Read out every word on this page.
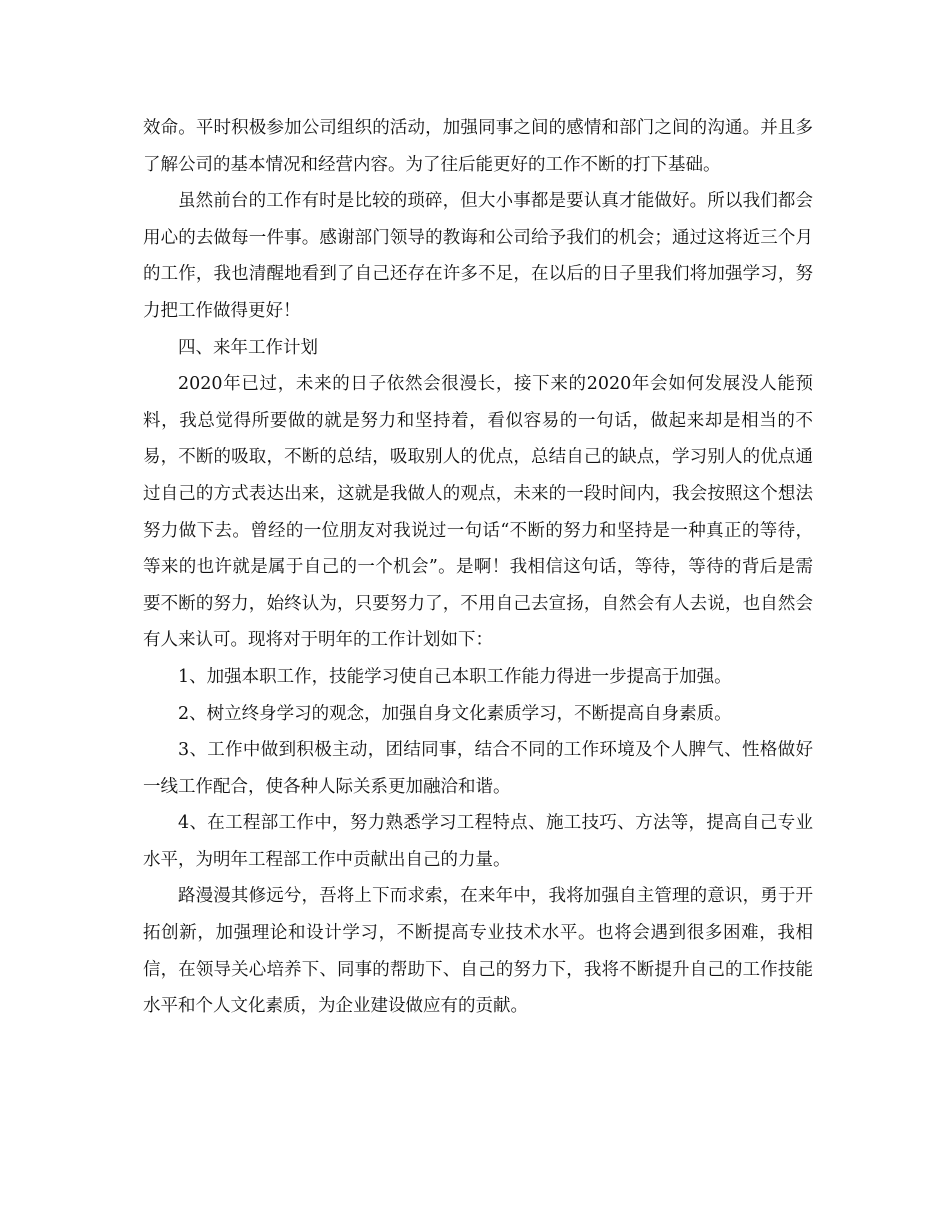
效命。平时积极参加公司组织的活动，加强同事之间的感情和部门之间的沟通。并且多了解公司的基本情况和经营内容。为了往后能更好的工作不断的打下基础。

虽然前台的工作有时是比较的琐碎，但大小事都是要认真才能做好。所以我们都会用心的去做每一件事。感谢部门领导的教诲和公司给予我们的机会；通过这将近三个月的工作，我也清醒地看到了自己还存在许多不足，在以后的日子里我们将加强学习，努力把工作做得更好！

四、来年工作计划

2020年已过，未来的日子依然会很漫长，接下来的2020年会如何发展没人能预料，我总觉得所要做的就是努力和坚持着，看似容易的一句话，做起来却是相当的不易，不断的吸取，不断的总结，吸取别人的优点，总结自己的缺点，学习别人的优点通过自己的方式表达出来，这就是我做人的观点，未来的一段时间内，我会按照这个想法努力做下去。曾经的一位朋友对我说过一句话“不断的努力和坚持是一种真正的等待，等来的也许就是属于自己的一个机会”。是啊！我相信这句话，等待，等待的背后是需要不断的努力，始终认为，只要努力了，不用自己去宣扬，自然会有人去说，也自然会有人来认可。现将对于明年的工作计划如下：

1、加强本职工作，技能学习使自己本职工作能力得进一步提高于加强。

2、树立终身学习的观念，加强自身文化素质学习，不断提高自身素质。

3、工作中做到积极主动，团结同事，结合不同的工作环境及个人脾气、性格做好一线工作配合，使各种人际关系更加融洽和谐。

4、在工程部工作中，努力熟悉学习工程特点、施工技巧、方法等，提高自己专业水平，为明年工程部工作中贡献出自己的力量。

路漫漫其修远兮，吾将上下而求索，在来年中，我将加强自主管理的意识，勇于开拓创新，加强理论和设计学习，不断提高专业技术水平。也将会遇到很多困难，我相信，在领导关心培养下、同事的帮助下、自己的努力下，我将不断提升自己的工作技能水平和个人文化素质，为企业建设做应有的贡献。
